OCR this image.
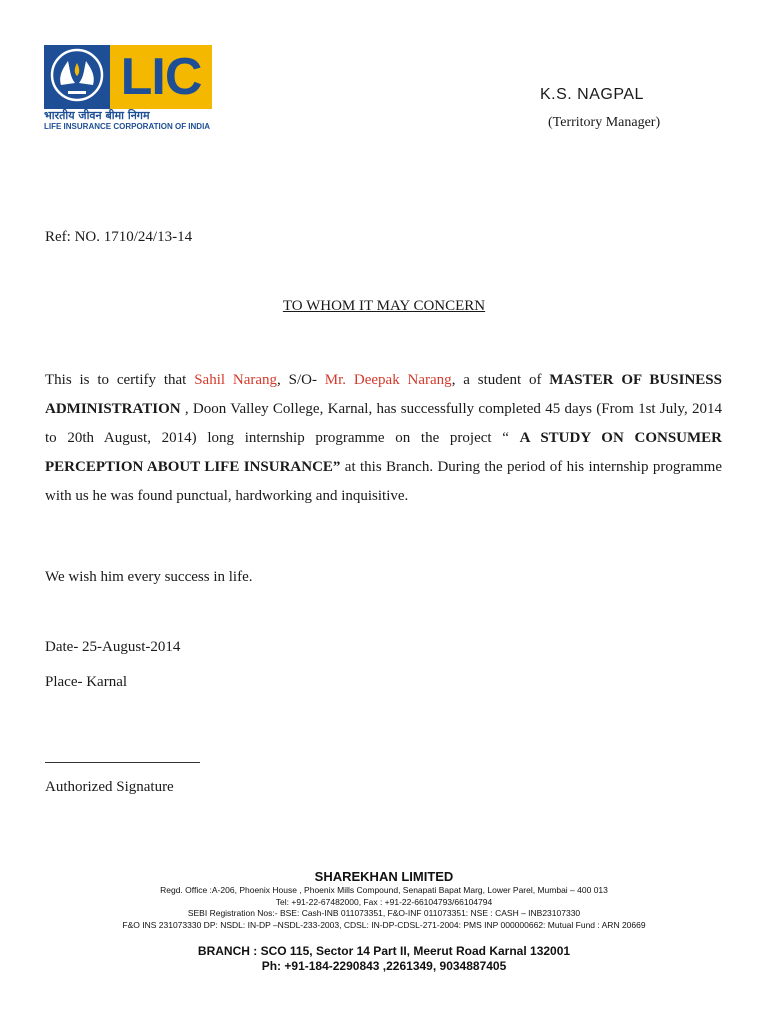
LIC
भारतीय जीवन बीमा निगम
LIFE INSURANCE CORPORATION OF INDIA
K.S. NAGPAL
(Territory Manager)
Ref: NO. 1710/24/13-14
TO WHOM IT MAY CONCERN
This is to certify that Sahil Narang, S/O- Mr. Deepak Narang, a student of MASTER OF BUSINESS ADMINISTRATION , Doon Valley College, Karnal, has successfully completed 45 days (From 1st July, 2014 to 20th August, 2014) long internship programme on the project “ A STUDY ON CONSUMER PERCEPTION ABOUT LIFE INSURANCE” at this Branch. During the period of his internship programme with us he was found punctual, hardworking and inquisitive.
We wish him every success in life.
Date- 25-August-2014
Place- Karnal
Authorized Signature
SHAREKHAN LIMITED
Regd. Office :A-206, Phoenix House , Phoenix Mills Compound, Senapati Bapat Marg, Lower Parel, Mumbai – 400 013
Tel: +91-22-67482000, Fax : +91-22-66104793/66104794
SEBI Registration Nos:- BSE: Cash-INB 011073351, F&O-INF 011073351: NSE : CASH – INB23107330
F&O INS 231073330 DP: NSDL: IN-DP –NSDL-233-2003, CDSL: IN-DP-CDSL-271-2004: PMS INP 000000662: Mutual Fund : ARN 20669
BRANCH : SCO 115, Sector 14 Part II, Meerut Road Karnal 132001
Ph: +91-184-2290843 ,2261349, 9034887405
